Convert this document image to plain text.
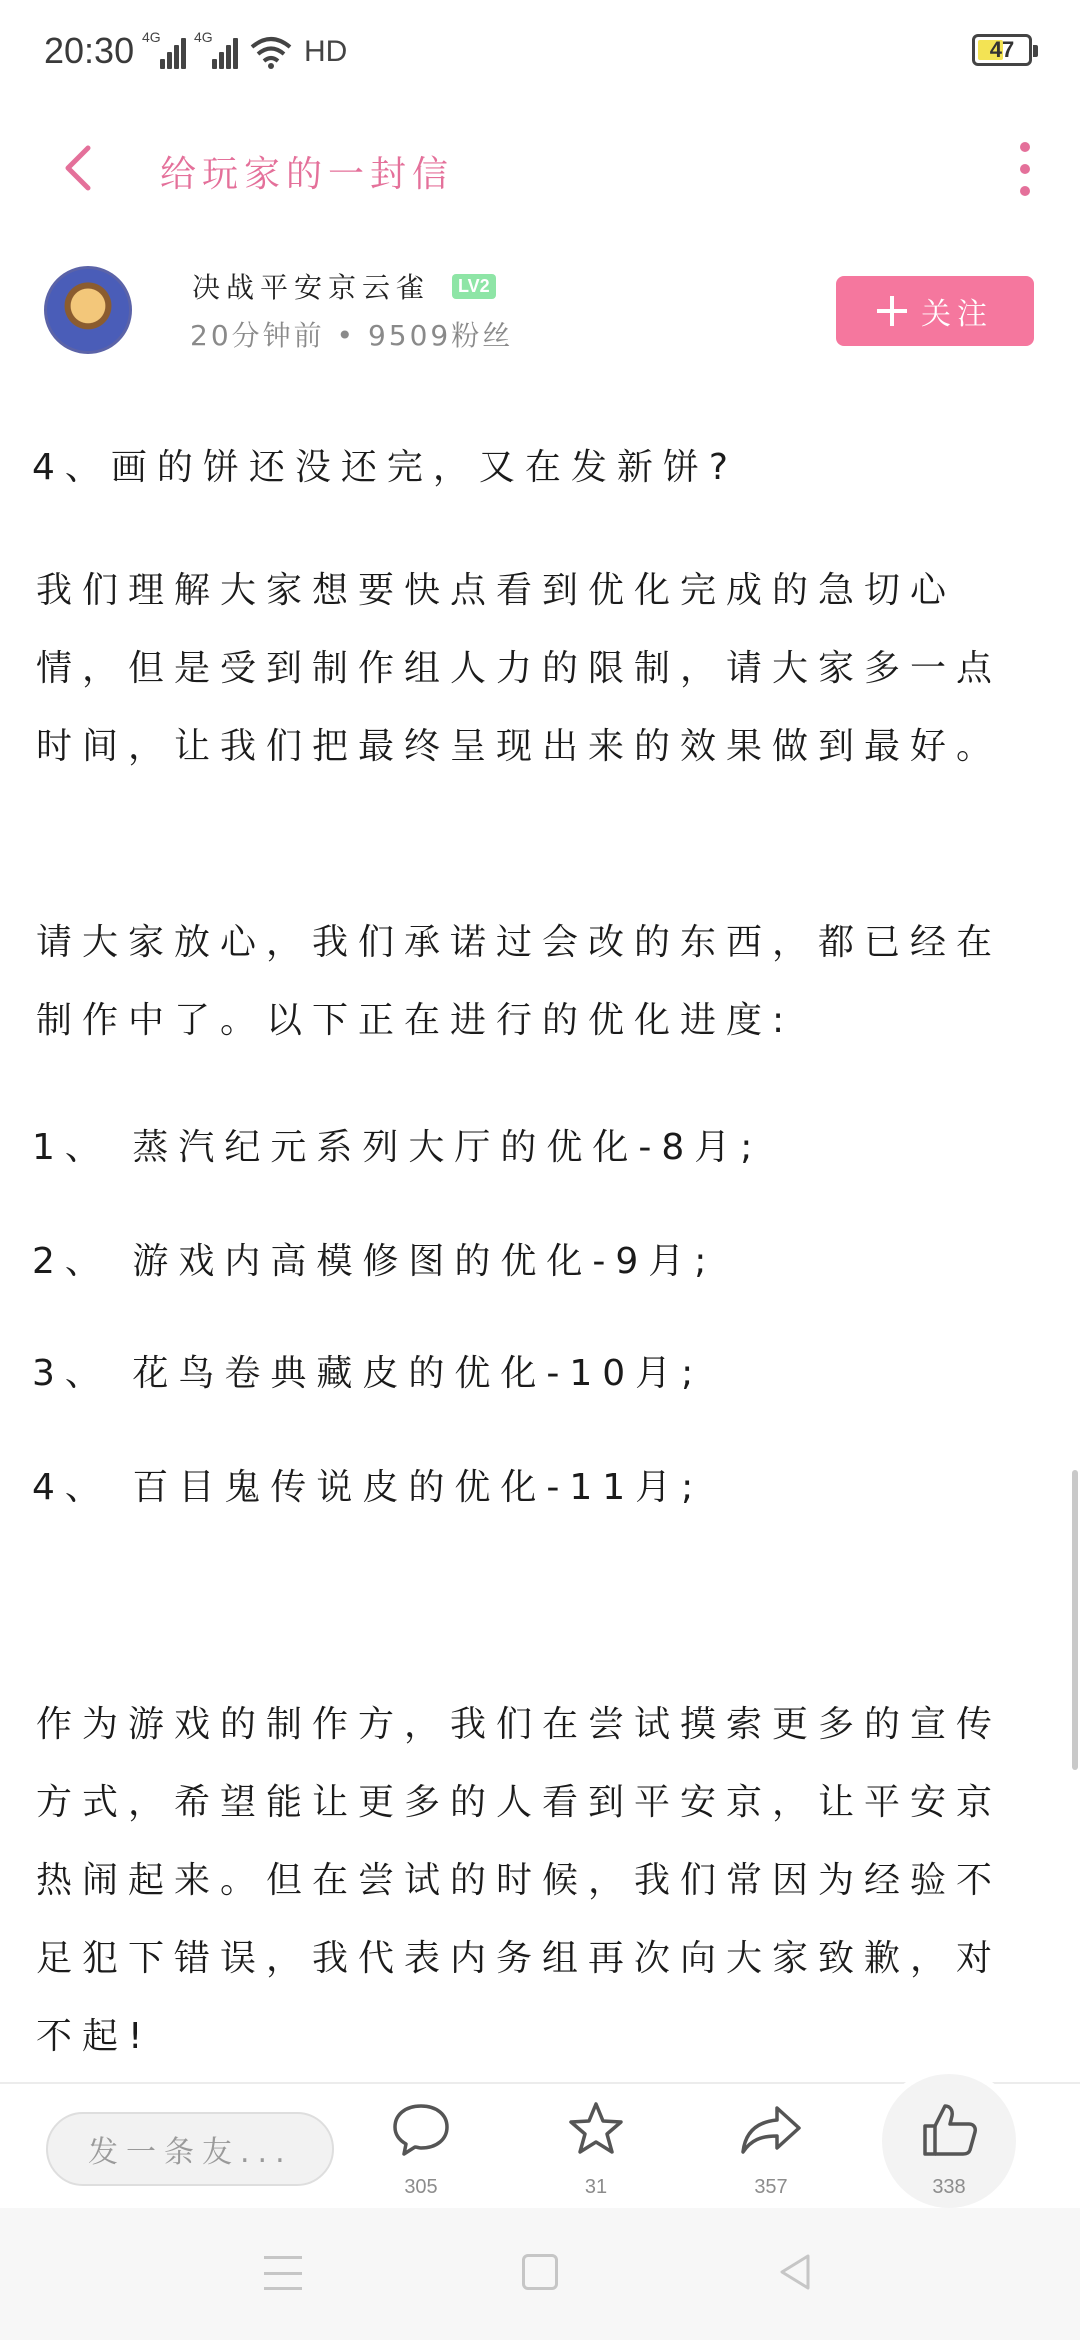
20:30 4G 4G	HD	47
给玩家的一封信
决战平安京云雀	LV2
20分钟前 • 9509粉丝
关注

4、画的饼还没还完，又在发新饼?

我们理解大家想要快点看到优化完成的急切心情，但是受到制作组人力的限制，请大家多一点时间，让我们把最终呈现出来的效果做到最好。

请大家放心，我们承诺过会改的东西，都已经在制作中了。以下正在进行的优化进度:

1、 蒸汽纪元系列大厅的优化-8月;

2、 游戏内高模修图的优化-9月;

3、 花鸟卷典藏皮的优化-10月;

4、 百目鬼传说皮的优化-11月;

作为游戏的制作方，我们在尝试摸索更多的宣传方式，希望能让更多的人看到平安京，让平安京热闹起来。但在尝试的时候，我们常因为经验不足犯下错误，我代表内务组再次向大家致歉，对不起!

发一条友...
305	31	357	338
